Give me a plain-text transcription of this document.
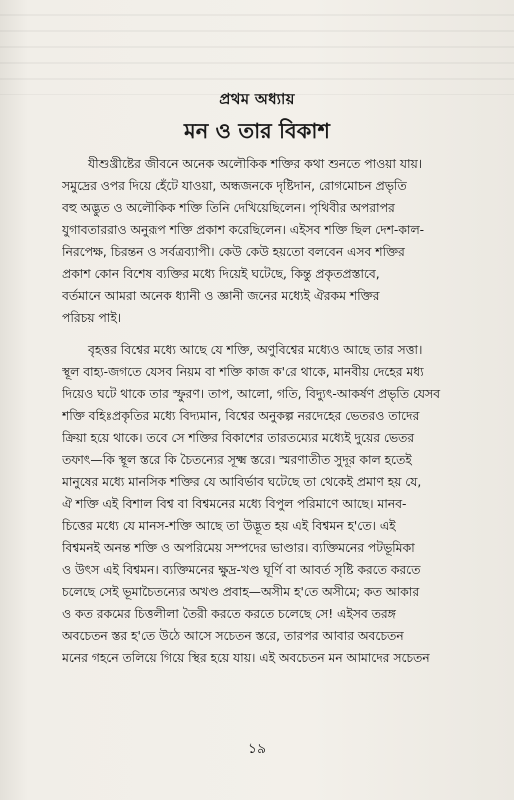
প্রথম অধ্যায়
মন ও তার বিকাশ
যীশুখ্রীষ্টের জীবনে অনেক অলৌকিক শক্তির কথা শুনতে পাওয়া যায়।
সমুদ্রের ওপর দিয়ে হেঁটে যাওয়া, অন্ধজনকে দৃষ্টিদান, রোগমোচন প্রভৃতি
বহু অদ্ভুত ও অলৌকিক শক্তি তিনি দেখিয়েছিলেন। পৃথিবীর অপরাপর
যুগাবতাররাও অনুরূপ শক্তি প্রকাশ করেছিলেন। এইসব শক্তি ছিল দেশ-কাল-
নিরপেক্ষ, চিরন্তন ও সর্বত্রব্যাপী। কেউ কেউ হয়তো বলবেন এসব শক্তির
প্রকাশ কোন বিশেষ ব্যক্তির মধ্যে দিয়েই ঘটেছে, কিন্তু প্রকৃতপ্রস্তাবে,
বর্তমানে আমরা অনেক ধ্যানী ও জ্ঞানী জনের মধ্যেই ঐরকম শক্তির
পরিচয় পাই।
বৃহত্তর বিশ্বের মধ্যে আছে যে শক্তি, অণুবিশ্বের মধ্যেও আছে তার সত্তা।
স্থূল বাহ্য-জগতে যেসব নিয়ম বা শক্তি কাজ ক'রে থাকে, মানবীয় দেহের মধ্য
দিয়েও ঘটে থাকে তার স্ফুরণ। তাপ, আলো, গতি, বিদ্যুৎ-আকর্ষণ প্রভৃতি যেসব
শক্তি বহিঃপ্রকৃতির মধ্যে বিদ্যমান, বিশ্বের অনুকল্প নরদেহের ভেতরও তাদের
ক্রিয়া হয়ে থাকে। তবে সে শক্তির বিকাশের তারতম্যের মধ্যেই দুয়ের ভেতর
তফাৎ—কি স্থূল স্তরে কি চৈতন্যের সূক্ষ্ম স্তরে। স্মরণাতীত সুদূর কাল হতেই
মানুষের মধ্যে মানসিক শক্তির যে আবির্ভাব ঘটেছে তা থেকেই প্রমাণ হয় যে,
ঐ শক্তি এই বিশাল বিশ্ব বা বিশ্বমনের মধ্যে বিপুল পরিমাণে আছে। মানব-
চিত্তের মধ্যে যে মানস-শক্তি আছে তা উদ্ভূত হয় এই বিশ্বমন হ'তে। এই
বিশ্বমনই অনন্ত শক্তি ও অপরিমেয় সম্পদের ভাণ্ডার। ব্যক্তিমনের পটভূমিকা
ও উৎস এই বিশ্বমন। ব্যক্তিমনের ক্ষুদ্র-খণ্ড ঘূর্ণি বা আবর্ত সৃষ্টি করতে করতে
চলেছে সেই ভূমাচৈতন্যের অখণ্ড প্রবাহ—অসীম হ'তে অসীমে; কত আকার
ও কত রকমের চিত্তলীলা তৈরী করতে করতে চলেছে সে! এইসব তরঙ্গ
অবচেতন স্তর হ'তে উঠে আসে সচেতন স্তরে, তারপর আবার অবচেতন
মনের গহনে তলিয়ে গিয়ে স্থির হয়ে যায়। এই অবচেতন মন আমাদের সচেতন
১৯
